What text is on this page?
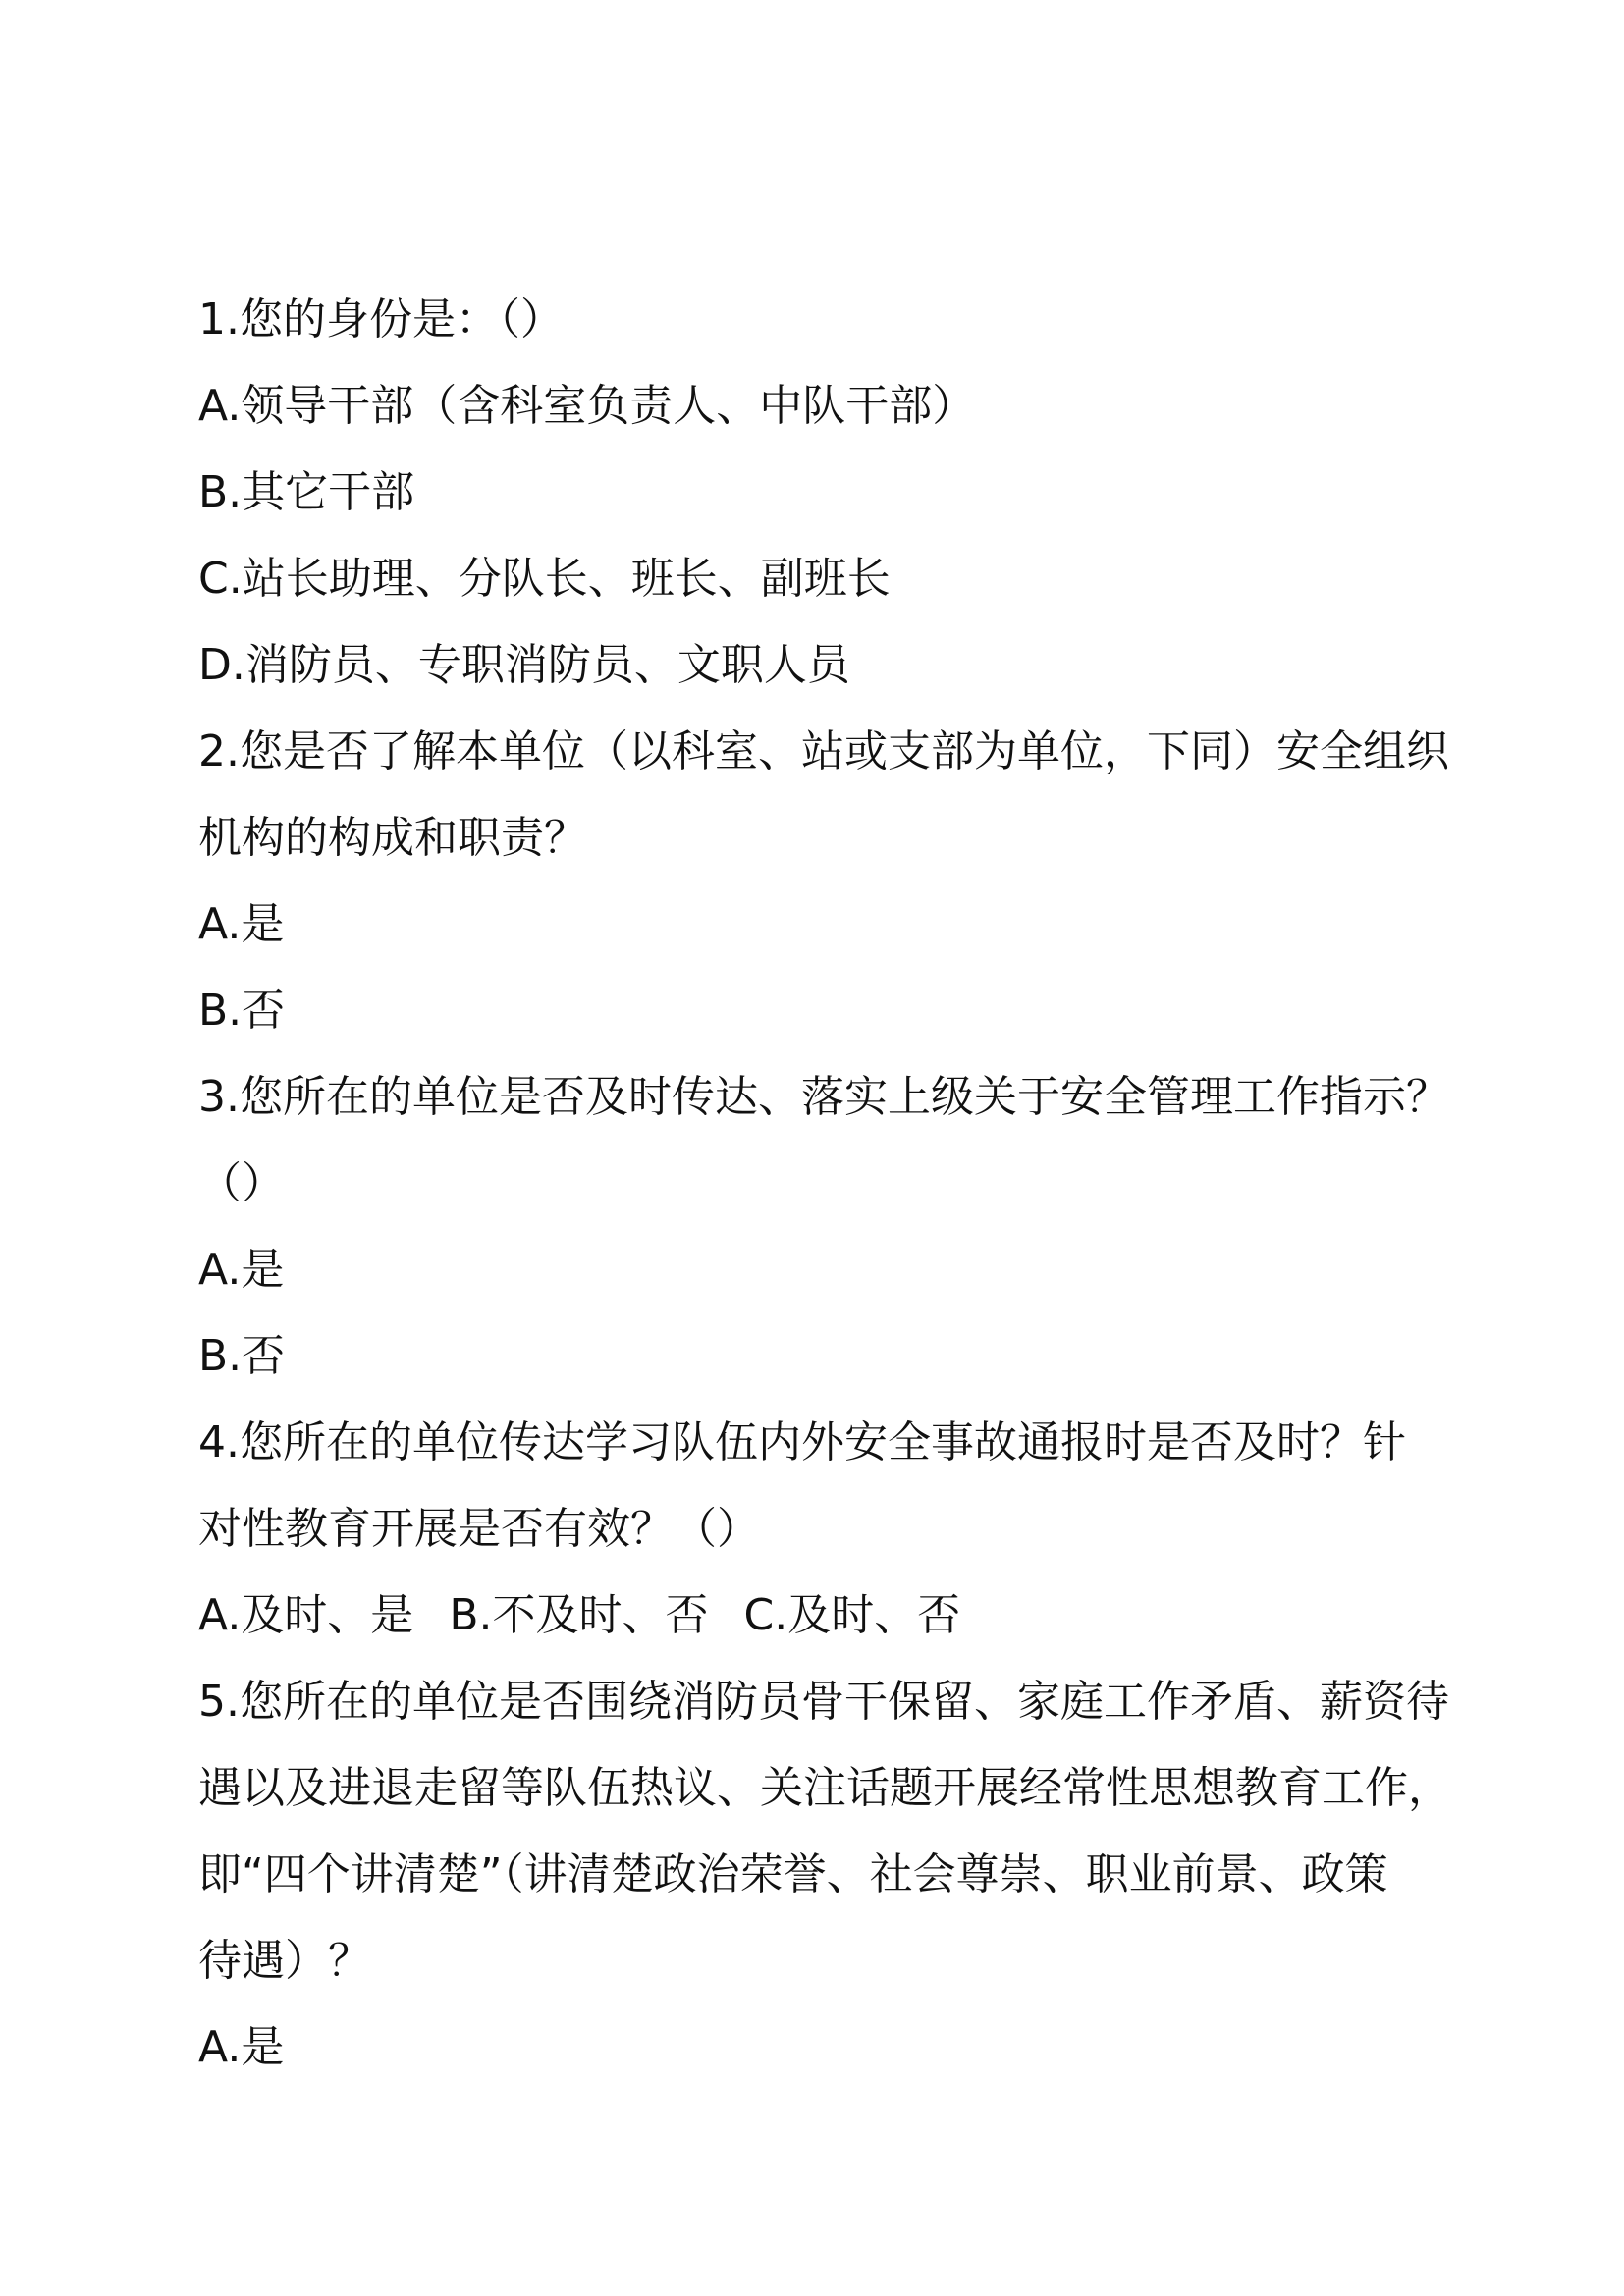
1.您的身份是：（）
A.领导干部（含科室负责人、中队干部）
B.其它干部
C.站长助理、分队长、班长、副班长
D.消防员、专职消防员、文职人员
2.您是否了解本单位（以科室、站或支部为单位，下同）安全组织
机构的构成和职责？
A.是
B.否
3.您所在的单位是否及时传达、落实上级关于安全管理工作指示？
（）
A.是
B.否
4.您所在的单位传达学习队伍内外安全事故通报时是否及时？针
对性教育开展是否有效？（）
A.及时、是 B.不及时、否 C.及时、否
5.您所在的单位是否围绕消防员骨干保留、家庭工作矛盾、薪资待
遇以及进退走留等队伍热议、关注话题开展经常性思想教育工作，
即“四个讲清楚”（讲清楚政治荣誉、社会尊崇、职业前景、政策
待遇）？
A.是
